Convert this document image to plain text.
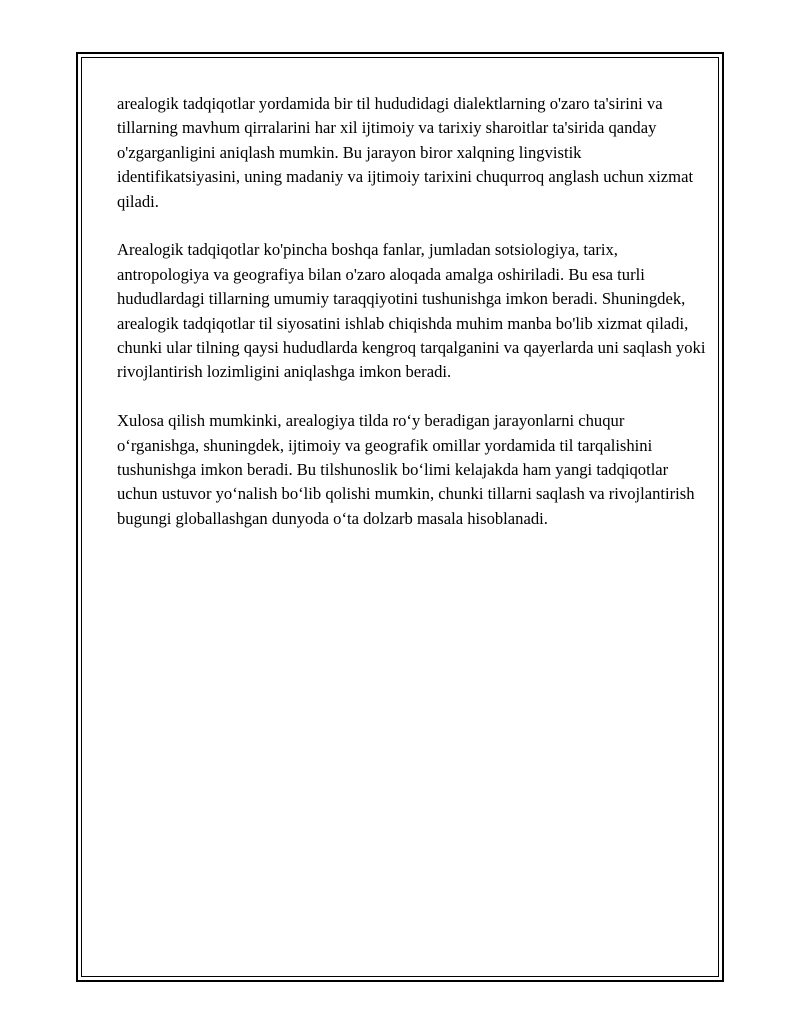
arealogik tadqiqotlar yordamida bir til hududidagi dialektlarning o'zaro ta'sirini va tillarning mavhum qirralarini har xil ijtimoiy va tarixiy sharoitlar ta'sirida qanday o'zgarganligini aniqlash mumkin. Bu jarayon biror xalqning lingvistik identifikatsiyasini, uning madaniy va ijtimoiy tarixini chuqurroq anglash uchun xizmat qiladi.

Arealogik tadqiqotlar ko'pincha boshqa fanlar, jumladan sotsiologiya, tarix, antropologiya va geografiya bilan o'zaro aloqada amalga oshiriladi. Bu esa turli hududlardagi tillarning umumiy taraqqiyotini tushunishga imkon beradi. Shuningdek, arealogik tadqiqotlar til siyosatini ishlab chiqishda muhim manba bo'lib xizmat qiladi, chunki ular tilning qaysi hududlarda kengroq tarqalganini va qayerlarda uni saqlash yoki rivojlantirish lozimligini aniqlashga imkon beradi.

Xulosa qilish mumkinki, arealogiya tilda ro‘y beradigan jarayonlarni chuqur o‘rganishga, shuningdek, ijtimoiy va geografik omillar yordamida til tarqalishini tushunishga imkon beradi. Bu tilshunoslik bo‘limi kelajakda ham yangi tadqiqotlar uchun ustuvor yo‘nalish bo‘lib qolishi mumkin, chunki tillarni saqlash va rivojlantirish bugungi globallashgan dunyoda o‘ta dolzarb masala hisoblanadi.
